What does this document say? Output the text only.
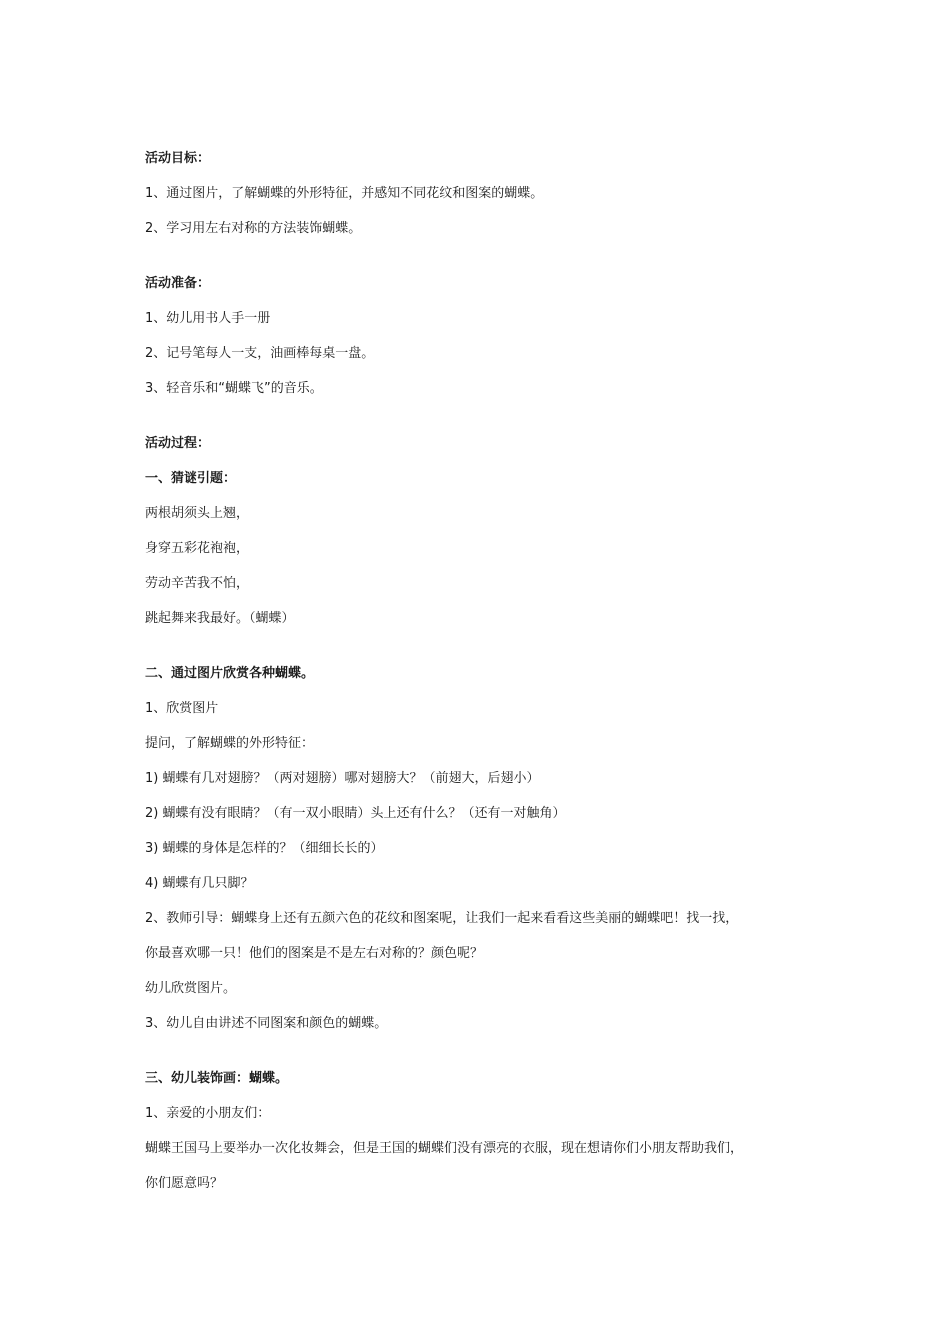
活动目标：
1、通过图片，了解蝴蝶的外形特征，并感知不同花纹和图案的蝴蝶。
2、学习用左右对称的方法装饰蝴蝶。
活动准备：
1、幼儿用书人手一册
2、记号笔每人一支，油画棒每桌一盘。
3、轻音乐和“蝴蝶飞”的音乐。
活动过程：
一、猜谜引题：
两根胡须头上翘，
身穿五彩花袍袍，
劳动辛苦我不怕，
跳起舞来我最好。（蝴蝶）
二、通过图片欣赏各种蝴蝶。
1、欣赏图片
提问，了解蝴蝶的外形特征：
1) 蝴蝶有几对翅膀？（两对翅膀）哪对翅膀大？（前翅大，后翅小）
2) 蝴蝶有没有眼睛？（有一双小眼睛）头上还有什么？（还有一对触角）
3) 蝴蝶的身体是怎样的？（细细长长的）
4) 蝴蝶有几只脚？
2、教师引导：蝴蝶身上还有五颜六色的花纹和图案呢，让我们一起来看看这些美丽的蝴蝶吧！找一找，
你最喜欢哪一只！他们的图案是不是左右对称的？颜色呢？
幼儿欣赏图片。
3、幼儿自由讲述不同图案和颜色的蝴蝶。
三、幼儿装饰画：蝴蝶。
1、亲爱的小朋友们：
蝴蝶王国马上要举办一次化妆舞会，但是王国的蝴蝶们没有漂亮的衣服，现在想请你们小朋友帮助我们，
你们愿意吗？
